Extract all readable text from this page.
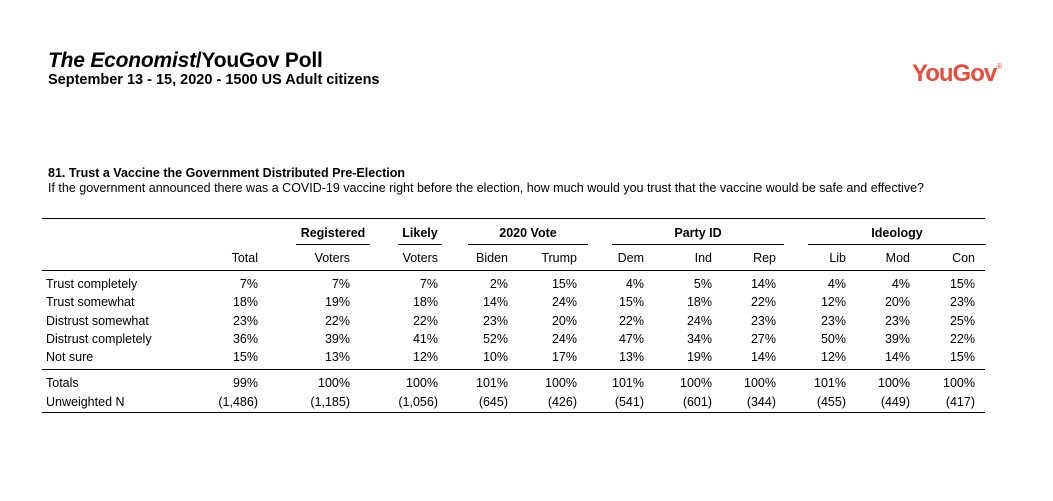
The Economist/YouGov Poll
September 13 - 15, 2020 - 1500 US Adult citizens	YouGov®
81. Trust a Vaccine the Government Distributed Pre-Election
If the government announced there was a COVID-19 vaccine right before the election, how much would you trust that the vaccine would be safe and effective?
Registered	Likely	2020 Vote	Party ID	Ideology
Total	Voters	Voters	Biden	Trump	Dem	Ind	Rep	Lib	Mod	Con
Trust completely	7%	7%	7%	2%	15%	4%	5%	14%	4%	4%	15%
Trust somewhat	18%	19%	18%	14%	24%	15%	18%	22%	12%	20%	23%
Distrust somewhat	23%	22%	22%	23%	20%	22%	24%	23%	23%	23%	25%
Distrust completely	36%	39%	41%	52%	24%	47%	34%	27%	50%	39%	22%
Not sure	15%	13%	12%	10%	17%	13%	19%	14%	12%	14%	15%
Totals	99%	100%	100%	101%	100%	101%	100%	100%	101%	100%	100%
Unweighted N	(1,486)	(1,185)	(1,056)	(645)	(426)	(541)	(601)	(344)	(455)	(449)	(417)
